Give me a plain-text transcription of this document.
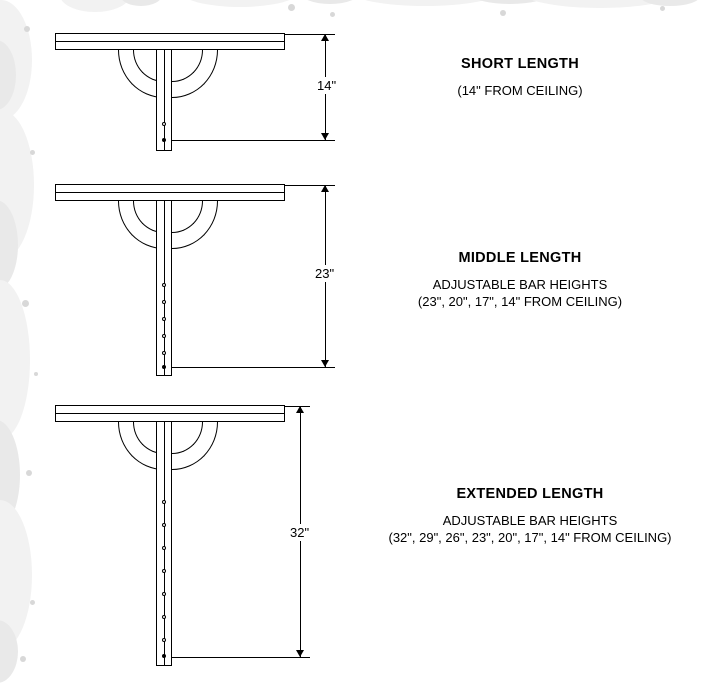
14"
SHORT LENGTH
(14" FROM CEILING)
23"
MIDDLE LENGTH
ADJUSTABLE BAR HEIGHTS
(23", 20", 17", 14" FROM CEILING)
32"
EXTENDED LENGTH
ADJUSTABLE BAR HEIGHTS
(32", 29", 26", 23", 20", 17", 14" FROM CEILING)
